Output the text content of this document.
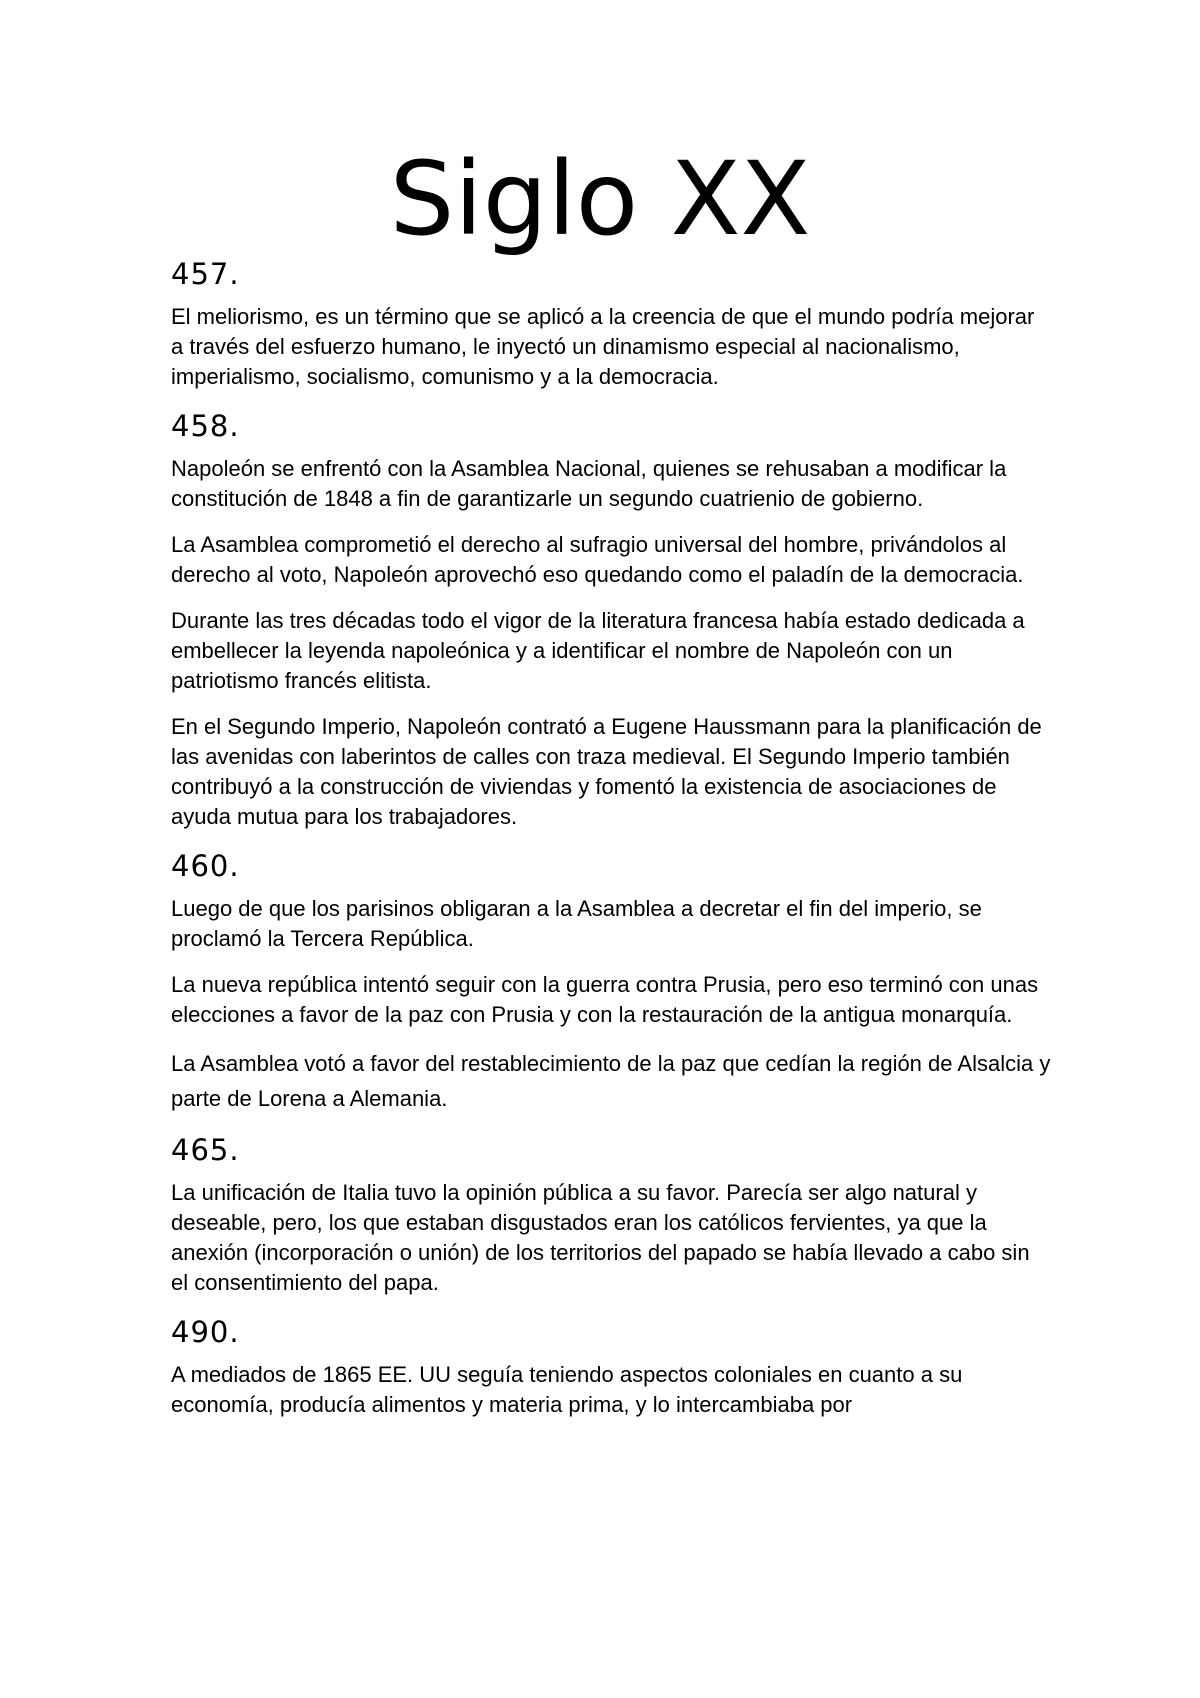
Siglo XX
457.

El meliorismo, es un término que se aplicó a la creencia de que el mundo podría mejorar a través del esfuerzo humano, le inyectó un dinamismo especial al nacionalismo, imperialismo, socialismo, comunismo y a la democracia.

458.

Napoleón se enfrentó con la Asamblea Nacional, quienes se rehusaban a modificar la constitución de 1848 a fin de garantizarle un segundo cuatrienio de gobierno.

La Asamblea comprometió el derecho al sufragio universal del hombre, privándolos al derecho al voto, Napoleón aprovechó eso quedando como el paladín de la democracia.

Durante las tres décadas todo el vigor de la literatura francesa había estado dedicada a embellecer la leyenda napoleónica y a identificar el nombre de Napoleón con un patriotismo francés elitista.

En el Segundo Imperio, Napoleón contrató a Eugene Haussmann para la planificación de las avenidas con laberintos de calles con traza medieval. El Segundo Imperio también contribuyó a la construcción de viviendas y fomentó la existencia de asociaciones de ayuda mutua para los trabajadores.

460.

Luego de que los parisinos obligaran a la Asamblea a decretar el fin del imperio, se proclamó la Tercera República.

La nueva república intentó seguir con la guerra contra Prusia, pero eso terminó con unas elecciones a favor de la paz con Prusia y con la restauración de la antigua monarquía.

La Asamblea votó a favor del restablecimiento de la paz que cedían la región de Alsalcia y parte de Lorena a Alemania.

465.

La unificación de Italia tuvo la opinión pública a su favor. Parecía ser algo natural y deseable, pero, los que estaban disgustados eran los católicos fervientes, ya que la anexión (incorporación o unión) de los territorios del papado se había llevado a cabo sin el consentimiento del papa.

490.

A mediados de 1865 EE. UU seguía teniendo aspectos coloniales en cuanto a su economía, producía alimentos y materia prima, y lo intercambiaba por
